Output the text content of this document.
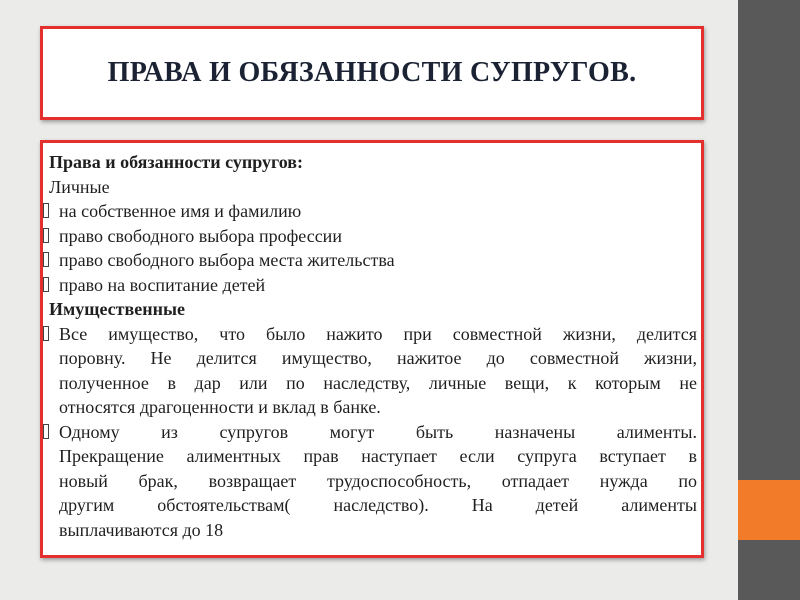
ПРАВА И ОБЯЗАННОСТИ СУПРУГОВ.

Права и обязанности супругов:

Личные

на собственное имя и фамилию
право свободного выбора профессии
право свободного выбора места жительства
право на воспитание детей

Имущественные

Все имущество, что было нажито при совместной жизни, делится
поровну. Не делится имущество, нажитое до совместной жизни,
полученное в дар или по наследству, личные вещи, к которым не
относятся драгоценности и вклад в банке.
Одному из супругов могут быть назначены алименты.
Прекращение алиментных прав наступает если супруга вступает в
новый брак, возвращает трудоспособность, отпадает нужда по
другим обстоятельствам( наследство). На детей алименты
выплачиваются до 18
